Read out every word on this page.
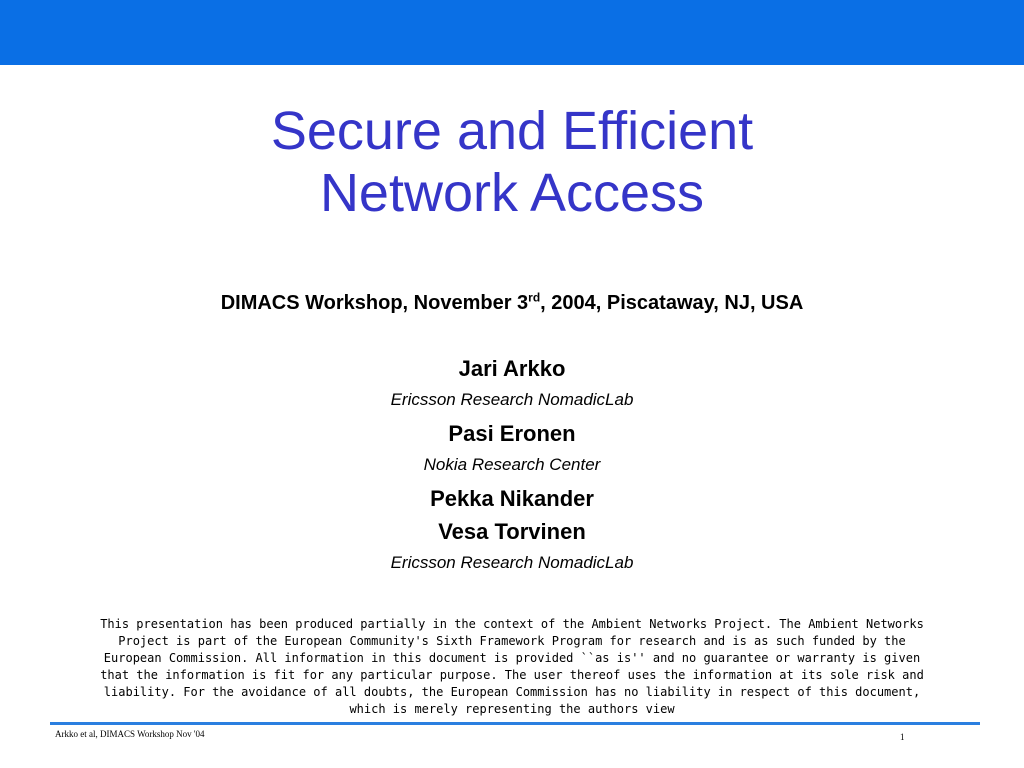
Secure and Efficient
Network Access
DIMACS Workshop, November 3rd, 2004, Piscataway, NJ, USA
Jari Arkko
Ericsson Research NomadicLab
Pasi Eronen
Nokia Research Center
Pekka Nikander
Vesa Torvinen
Ericsson Research NomadicLab
This presentation has been produced partially in the context of the Ambient Networks Project. The Ambient Networks
Project is part of the European Community's Sixth Framework Program for research and is as such funded by the
European Commission. All information in this document is provided ``as is'' and no guarantee or warranty is given
that the information is fit for any particular purpose. The user thereof uses the information at its sole risk and
liability. For the avoidance of all doubts, the European Commission has no liability in respect of this document,
which is merely representing the authors view
Arkko et al, DIMACS Workshop Nov '04	1
